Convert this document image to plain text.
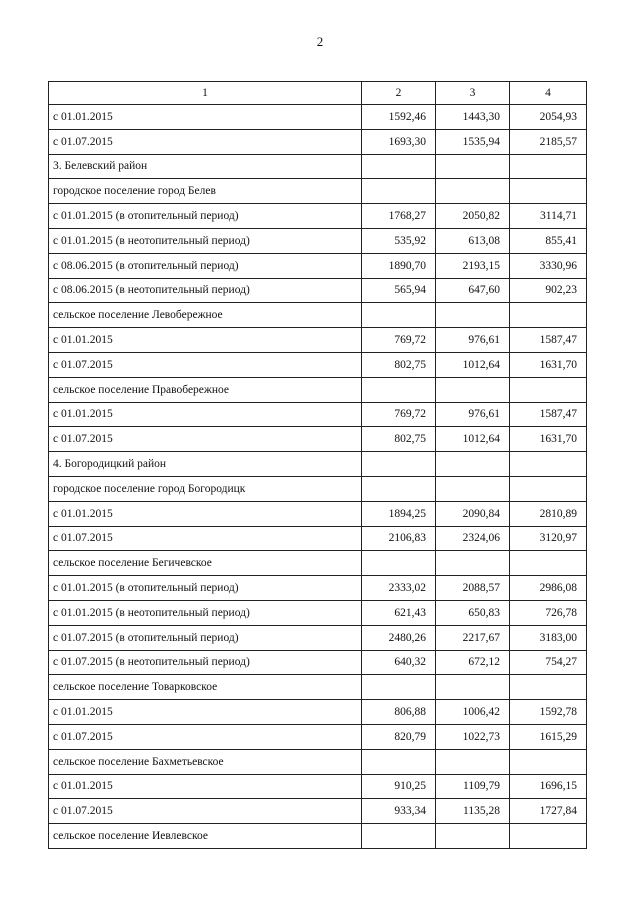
2
1	2	3	4
с 01.01.2015	1592,46	1443,30	2054,93
с 01.07.2015	1693,30	1535,94	2185,57
3. Белевский район			
городское поселение город Белев			
с 01.01.2015 (в отопительный период)	1768,27	2050,82	3114,71
с 01.01.2015 (в неотопительный период)	535,92	613,08	855,41
с 08.06.2015 (в отопительный период)	1890,70	2193,15	3330,96
с 08.06.2015 (в неотопительный период)	565,94	647,60	902,23
сельское поселение Левобережное			
с 01.01.2015	769,72	976,61	1587,47
с 01.07.2015	802,75	1012,64	1631,70
сельское поселение Правобережное			
с 01.01.2015	769,72	976,61	1587,47
с 01.07.2015	802,75	1012,64	1631,70
4. Богородицкий район			
городское поселение город Богородицк			
с 01.01.2015	1894,25	2090,84	2810,89
с 01.07.2015	2106,83	2324,06	3120,97
сельское поселение Бегичевское			
с 01.01.2015 (в отопительный период)	2333,02	2088,57	2986,08
с 01.01.2015 (в неотопительный период)	621,43	650,83	726,78
с 01.07.2015 (в отопительный период)	2480,26	2217,67	3183,00
с 01.07.2015 (в неотопительный период)	640,32	672,12	754,27
сельское поселение Товарковское			
с 01.01.2015	806,88	1006,42	1592,78
с 01.07.2015	820,79	1022,73	1615,29
сельское поселение Бахметьевское			
с 01.01.2015	910,25	1109,79	1696,15
с 01.07.2015	933,34	1135,28	1727,84
сельское поселение Иевлевское			
